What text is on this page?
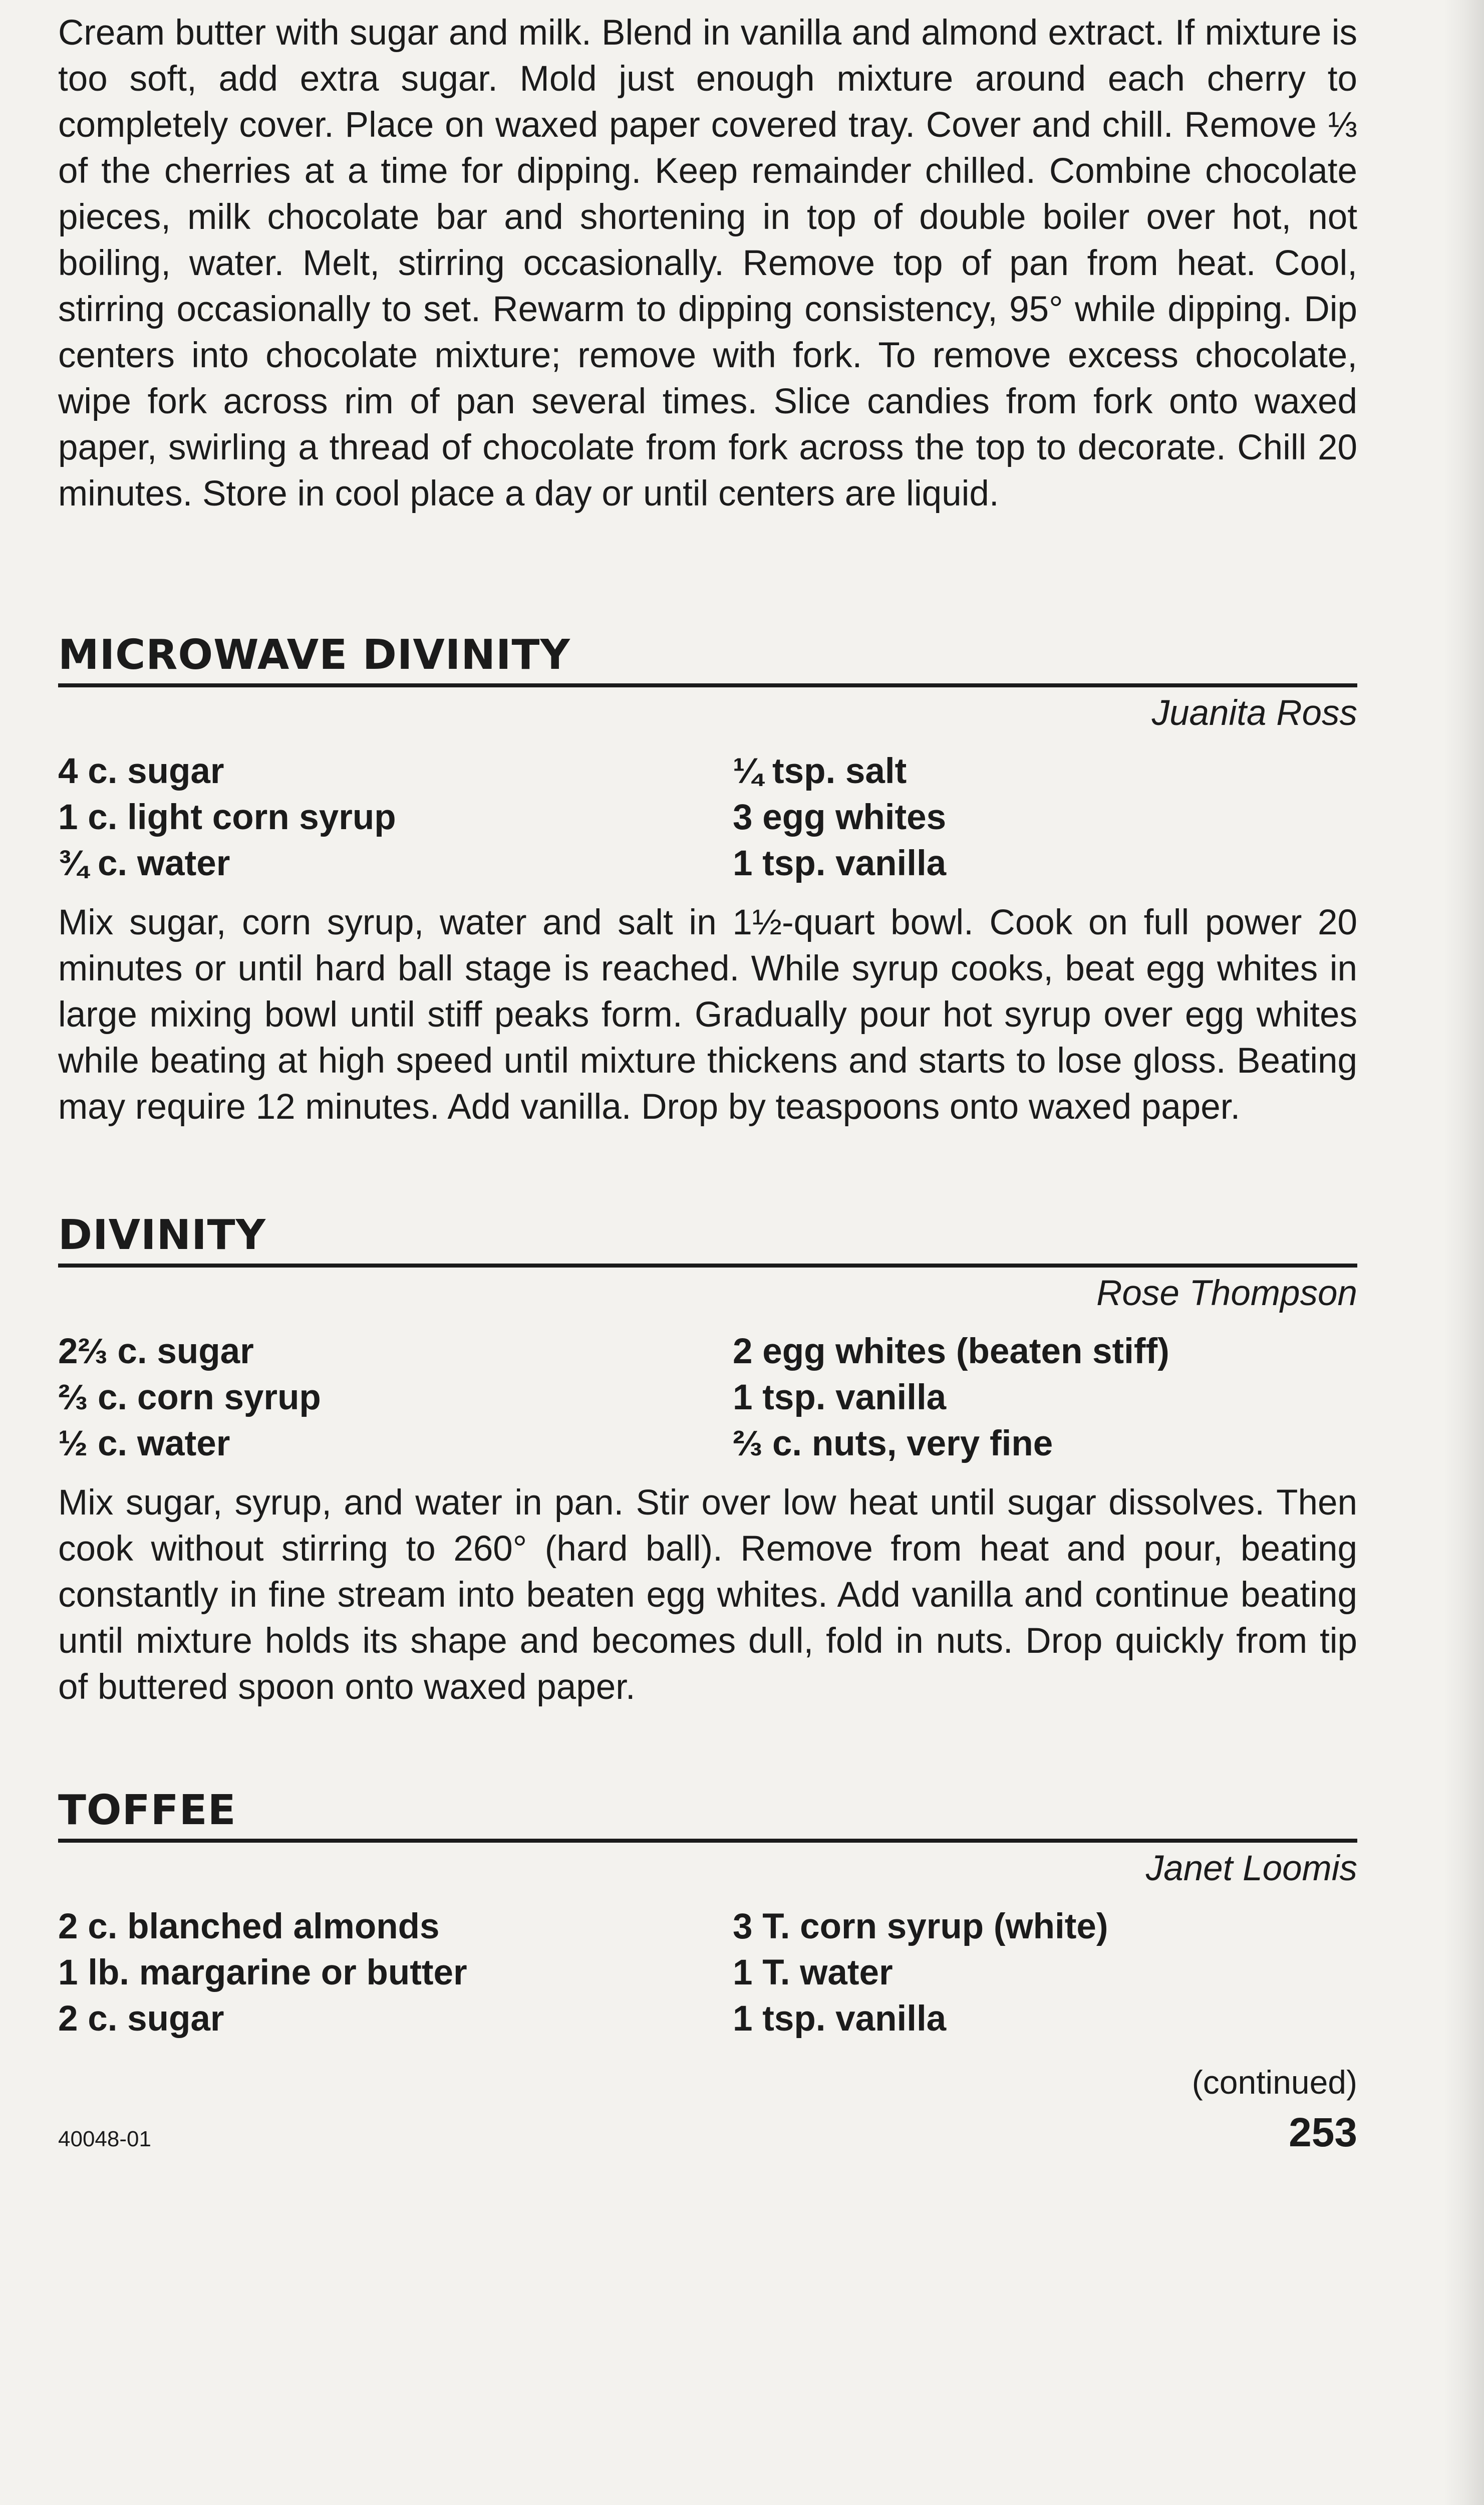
Cream butter with sugar and milk. Blend in vanilla and almond extract. If mixture is too soft, add extra sugar. Mold just enough mixture around each cherry to completely cover. Place on waxed paper covered tray. Cover and chill. Remove ⅓ of the cherries at a time for dipping. Keep remainder chilled. Combine chocolate pieces, milk chocolate bar and shortening in top of double boiler over hot, not boiling, water. Melt, stirring occasionally. Remove top of pan from heat. Cool, stirring occasionally to set. Rewarm to dipping consistency, 95° while dipping. Dip centers into chocolate mixture; remove with fork. To remove excess chocolate, wipe fork across rim of pan several times. Slice candies from fork onto waxed paper, swirling a thread of chocolate from fork across the top to decorate. Chill 20 minutes. Store in cool place a day or until centers are liquid.

MICROWAVE DIVINITY

Juanita Ross

4 c. sugar
1 c. light corn syrup
¾ c. water
¼ tsp. salt
3 egg whites
1 tsp. vanilla

Mix sugar, corn syrup, water and salt in 1½-quart bowl. Cook on full power 20 minutes or until hard ball stage is reached. While syrup cooks, beat egg whites in large mixing bowl until stiff peaks form. Gradually pour hot syrup over egg whites while beating at high speed until mixture thickens and starts to lose gloss. Beating may require 12 minutes. Add vanilla. Drop by teaspoons onto waxed paper.

DIVINITY

Rose Thompson

2⅔ c. sugar
⅔ c. corn syrup
½ c. water
2 egg whites (beaten stiff)
1 tsp. vanilla
⅔ c. nuts, very fine

Mix sugar, syrup, and water in pan. Stir over low heat until sugar dissolves. Then cook without stirring to 260° (hard ball). Remove from heat and pour, beating constantly in fine stream into beaten egg whites. Add vanilla and continue beating until mixture holds its shape and becomes dull, fold in nuts. Drop quickly from tip of buttered spoon onto waxed paper.

TOFFEE

Janet Loomis

2 c. blanched almonds
1 lb. margarine or butter
2 c. sugar
3 T. corn syrup (white)
1 T. water
1 tsp. vanilla
(continued)
40048-01	253
